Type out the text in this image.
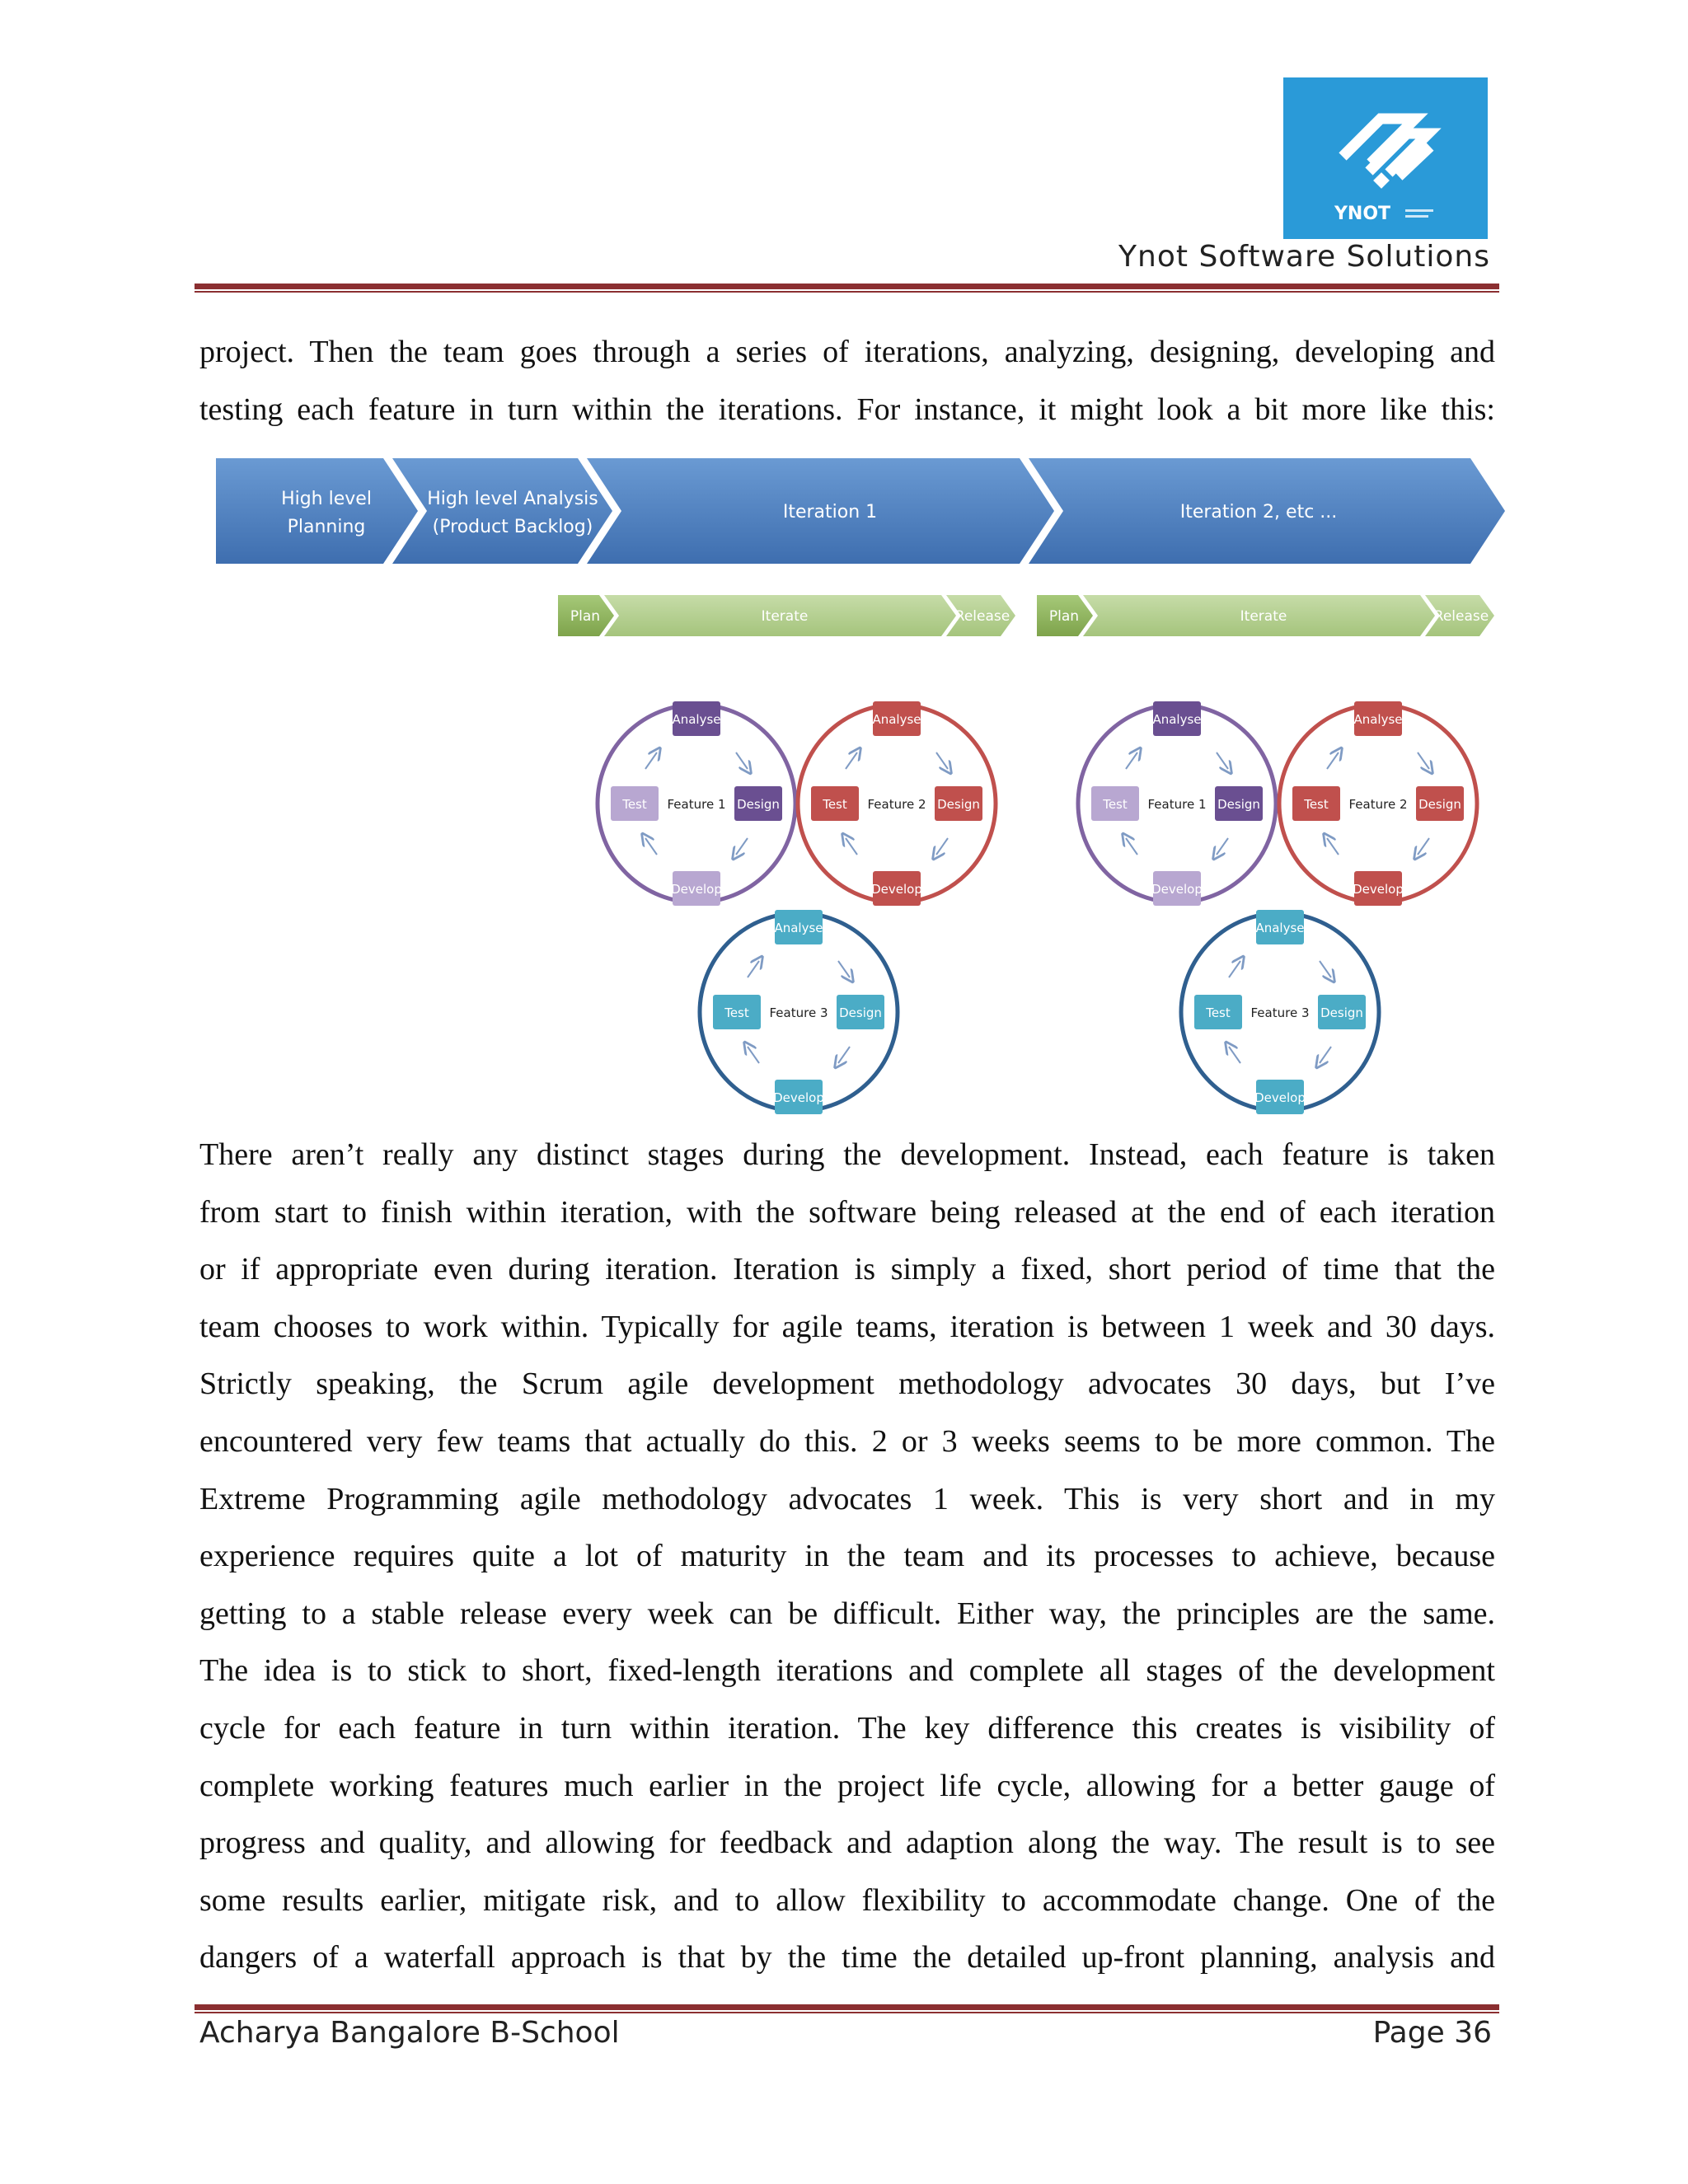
YNOT
Ynot Software Solutions
project. Then the team goes through a series of iterations, analyzing, designing, developing and
testing each feature in turn within the iterations. For instance, it might look a bit more like this:
High level
Planning
High level Analysis
(Product Backlog)
Iteration 1	Iteration 2, etc ...
Plan	Iterate	Release	Plan	Iterate	Release
Analyse
Design
Develop
Test Feature 1
Analyse
Design
Develop
Test Feature 2
Analyse
Design
Develop
Test Feature 3
Analyse
Design
Develop
Test Feature 1
Analyse
Design
Develop
Test Feature 2
Analyse
Design
Develop
Test Feature 3
There aren’t really any distinct stages during the development. Instead, each feature is taken
from start to finish within iteration, with the software being released at the end of each iteration
or if appropriate even during iteration. Iteration is simply a fixed, short period of time that the
team chooses to work within. Typically for agile teams, iteration is between 1 week and 30 days.
Strictly speaking, the Scrum agile development methodology advocates 30 days, but I’ve
encountered very few teams that actually do this. 2 or 3 weeks seems to be more common. The
Extreme Programming agile methodology advocates 1 week. This is very short and in my
experience requires quite a lot of maturity in the team and its processes to achieve, because
getting to a stable release every week can be difficult. Either way, the principles are the same.
The idea is to stick to short, fixed-length iterations and complete all stages of the development
cycle for each feature in turn within iteration. The key difference this creates is visibility of
complete working features much earlier in the project life cycle, allowing for a better gauge of
progress and quality, and allowing for feedback and adaption along the way. The result is to see
some results earlier, mitigate risk, and to allow flexibility to accommodate change. One of the
dangers of a waterfall approach is that by the time the detailed up-front planning, analysis and
Acharya Bangalore B-School	Page 36
